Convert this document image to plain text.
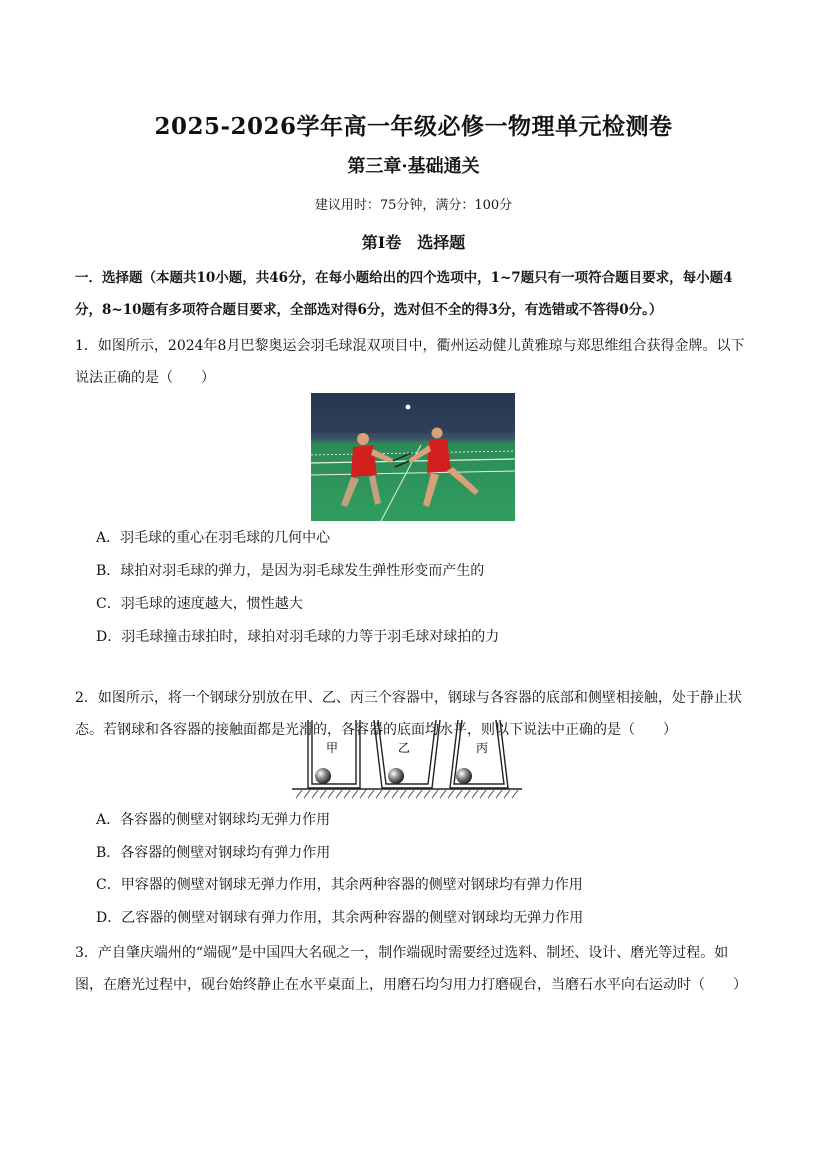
2025-2026学年高一年级必修一物理单元检测卷
第三章·基础通关
建议用时：75分钟，满分：100分
第I卷　选择题
一．选择题（本题共10小题，共46分，在每小题给出的四个选项中，1~7题只有一项符合题目要求，每小题4分，8~10题有多项符合题目要求，全部选对得6分，选对但不全的得3分，有选错或不答得0分。）
1．如图所示，2024年8月巴黎奥运会羽毛球混双项目中，衢州运动健儿黄雅琼与郑思维组合获得金牌。以下说法正确的是（　　）
A．羽毛球的重心在羽毛球的几何中心
B．球拍对羽毛球的弹力，是因为羽毛球发生弹性形变而产生的
C．羽毛球的速度越大，惯性越大
D．羽毛球撞击球拍时，球拍对羽毛球的力等于羽毛球对球拍的力
2．如图所示，将一个钢球分别放在甲、乙、丙三个容器中，钢球与各容器的底部和侧壁相接触，处于静止状态。若钢球和各容器的接触面都是光滑的，各容器的底面均水平，则以下说法中正确的是（　　）
甲	乙	丙
A．各容器的侧壁对钢球均无弹力作用
B．各容器的侧壁对钢球均有弹力作用
C．甲容器的侧壁对钢球无弹力作用，其余两种容器的侧壁对钢球均有弹力作用
D．乙容器的侧壁对钢球有弹力作用，其余两种容器的侧壁对钢球均无弹力作用
3．产自肇庆端州的“端砚”是中国四大名砚之一，制作端砚时需要经过选料、制坯、设计、磨光等过程。如图，在磨光过程中，砚台始终静止在水平桌面上，用磨石均匀用力打磨砚台，当磨石水平向右运动时（　　）
